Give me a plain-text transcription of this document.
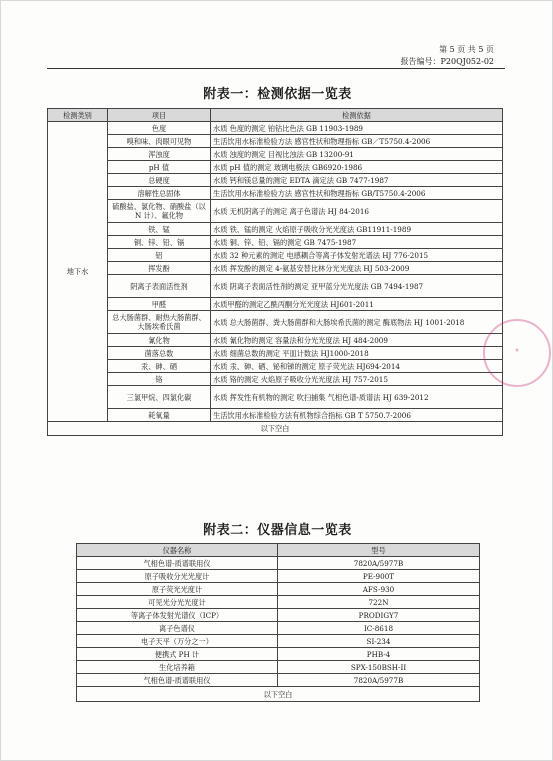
第 5 页 共 5 页
报告编号：P20QJ052-02
附表一：检测依据一览表
检测类别	项目	检测依据
地下水	色度	水质 色度的测定 铂钴比色法 GB 11903-1989
	嗅和味、肉眼可见物	生活饮用水标准检验方法 感官性状和物理指标 GB／T5750.4-2006
	浑浊度	水质 浊度的测定 目视比浊法 GB 13200-91
	pH 值	水质 pH 值的测定 玻璃电极法 GB6920-1986
	总硬度	水质 钙和镁总量的测定 EDTA 滴定法 GB 7477-1987
	溶解性总固体	生活饮用水标准检验方法 感官性状和物理指标 GB/T5750.4-2006
	硫酸盐、氯化物、硝酸盐（以 N 计）、氟化物	水质 无机阴离子的测定 离子色谱法 HJ 84-2016
	铁、锰	水质 铁、锰的测定 火焰原子吸收分光光度法 GB11911-1989
	铜、锌、铅、镉	水质 铜、锌、铅、镉的测定 GB 7475-1987
	铝	水质 32 种元素的测定 电感耦合等离子体发射光谱法 HJ 776-2015
	挥发酚	水质 挥发酚的测定 4-氨基安替比林分光光度法 HJ 503-2009
	阴离子表面活性剂	水质 阴离子表面活性剂的测定 亚甲蓝分光光度法 GB 7494-1987
	甲醛	水质甲醛的测定乙酰丙酮分光光度法 HJ601-2011
	总大肠菌群、耐热大肠菌群、大肠埃希氏菌	水质 总大肠菌群、粪大肠菌群和大肠埃希氏菌的测定 酶底物法 HJ 1001-2018
	氰化物	水质 氰化物的测定 容量法和分光光度法 HJ 484-2009
	菌落总数	水质 细菌总数的测定 平皿计数法 HJ1000-2018
	汞、砷、硒	水质 汞、砷、硒、铋和锑的测定 原子荧光法 HJ694-2014
	铬	水质 铬的测定 火焰原子吸收分光光度法 HJ 757-2015
	三氯甲烷、四氯化碳	水质 挥发性有机物的测定 吹扫捕集 气相色谱-质谱法 HJ 639-2012
	耗氧量	生活饮用水标准检验方法有机物综合指标 GB T 5750.7-2006
以下空白		
★
附表二：仪器信息一览表
仪器名称	型号
气相色谱-质谱联用仪	7820A/5977B
原子吸收分光光度计	PE-900T
原子荧光光度计	AFS-930
可见光分光光度计	722N
等离子体发射光谱仪（ICP）	PRODIGY7
离子色谱仪	IC-8618
电子天平（万分之一）	SI-234
便携式 PH 计	PHB-4
生化培养箱	SPX-150BSH-II
气相色谱-质谱联用仪	7820A/5977B
以下空白	
